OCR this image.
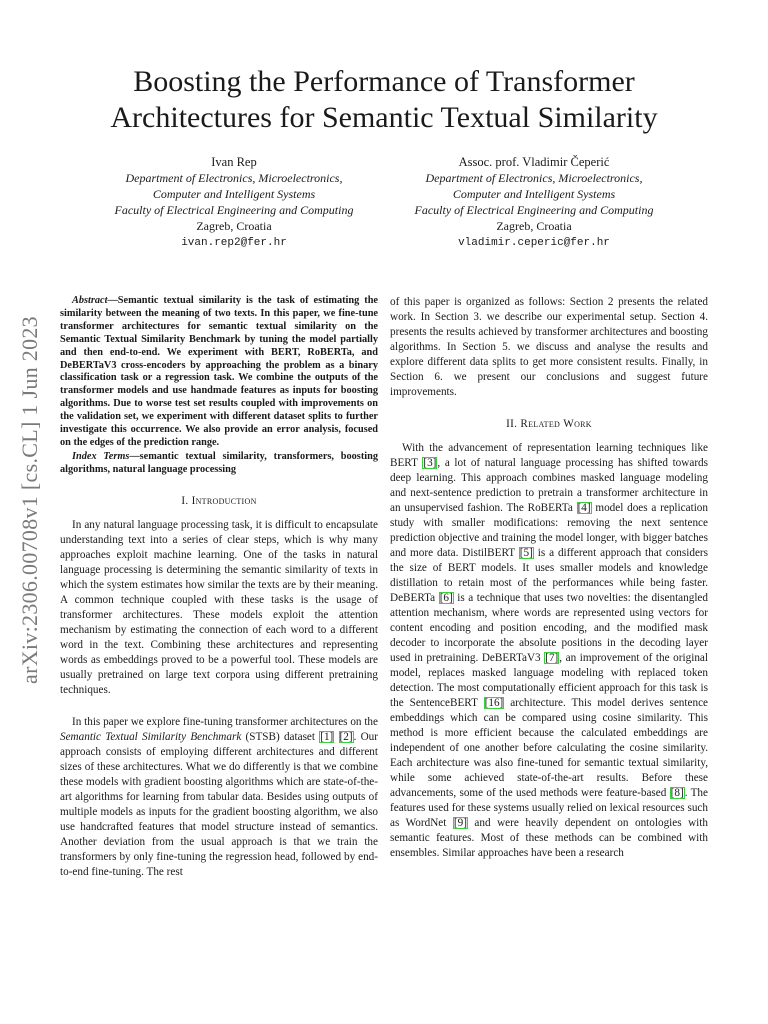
arXiv:2306.00708v1 [cs.CL] 1 Jun 2023
Boosting the Performance of Transformer
Architectures for Semantic Textual Similarity
Ivan Rep
Department of Electronics, Microelectronics,
Computer and Intelligent Systems
Faculty of Electrical Engineering and Computing
Zagreb, Croatia
ivan.rep2@fer.hr
Assoc. prof. Vladimir Čeperić
Department of Electronics, Microelectronics,
Computer and Intelligent Systems
Faculty of Electrical Engineering and Computing
Zagreb, Croatia
vladimir.ceperic@fer.hr

Abstract—Semantic textual similarity is the task of estimating the similarity between the meaning of two texts. In this paper, we fine-tune transformer architectures for semantic textual similarity on the Semantic Textual Similarity Benchmark by tuning the model partially and then end-to-end. We experiment with BERT, RoBERTa, and DeBERTaV3 cross-encoders by approaching the problem as a binary classification task or a regression task. We combine the outputs of the transformer models and use handmade features as inputs for boosting algorithms. Due to worse test set results coupled with improvements on the validation set, we experiment with different dataset splits to further investigate this occurrence. We also provide an error analysis, focused on the edges of the prediction range.

Index Terms—semantic textual similarity, transformers, boosting algorithms, natural language processing

I. Introduction

In any natural language processing task, it is difficult to encapsulate understanding text into a series of clear steps, which is why many approaches exploit machine learning. One of the tasks in natural language processing is determining the semantic similarity of texts in which the system estimates how similar the texts are by their meaning. A common technique coupled with these tasks is the usage of transformer architectures. These models exploit the attention mechanism by estimating the connection of each word to a different word in the text. Combining these architectures and representing words as embeddings proved to be a powerful tool. These models are usually pretrained on large text corpora using different pretraining techniques.

In this paper we explore fine-tuning transformer architectures on the Semantic Textual Similarity Benchmark (STSB) dataset [1] [2]. Our approach consists of employing different architectures and different sizes of these architectures. What we do differently is that we combine these models with gradient boosting algorithms which are state-of-the-art algorithms for learning from tabular data. Besides using outputs of multiple models as inputs for the gradient boosting algorithm, we also use handcrafted features that model structure instead of semantics. Another deviation from the usual approach is that we train the transformers by only fine-tuning the regression head, followed by end-to-end fine-tuning. The rest

of this paper is organized as follows: Section 2 presents the related work. In Section 3. we describe our experimental setup. Section 4. presents the results achieved by transformer architectures and boosting algorithms. In Section 5. we discuss and analyse the results and explore different data splits to get more consistent results. Finally, in Section 6. we present our conclusions and suggest future improvements.

II. Related Work

With the advancement of representation learning techniques like BERT [3], a lot of natural language processing has shifted towards deep learning. This approach combines masked language modeling and next-sentence prediction to pretrain a transformer architecture in an unsupervised fashion. The RoBERTa [4] model does a replication study with smaller modifications: removing the next sentence prediction objective and training the model longer, with bigger batches and more data. DistilBERT [5] is a different approach that considers the size of BERT models. It uses smaller models and knowledge distillation to retain most of the performances while being faster. DeBERTa [6] is a technique that uses two novelties: the disentangled attention mechanism, where words are represented using vectors for content encoding and position encoding, and the modified mask decoder to incorporate the absolute positions in the decoding layer used in pretraining. DeBERTaV3 [7], an improvement of the original model, replaces masked language modeling with replaced token detection. The most computationally efficient approach for this task is the SentenceBERT [16] architecture. This model derives sentence embeddings which can be compared using cosine similarity. This method is more efficient because the calculated embeddings are independent of one another before calculating the cosine similarity. Each architecture was also fine-tuned for semantic textual similarity, while some achieved state-of-the-art results. Before these advancements, some of the used methods were feature-based [8]. The features used for these systems usually relied on lexical resources such as WordNet [9] and were heavily dependent on ontologies with semantic features. Most of these methods can be combined with ensembles. Similar approaches have been a research
